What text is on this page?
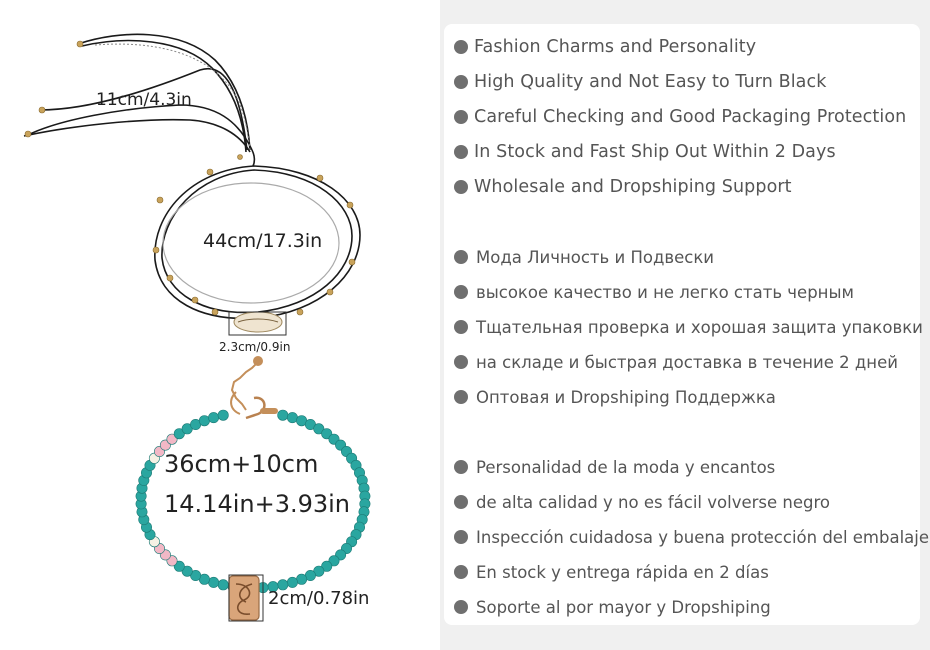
11cm/4.3in
44cm/17.3in
2.3cm/0.9in
36cm+10cm
14.14in+3.93in
2cm/0.78in
Fashion Charms and Personality
High Quality and Not Easy to Turn Black
Careful Checking and Good Packaging Protection
In Stock and Fast Ship Out Within 2 Days
Wholesale and Dropshiping Support
Мода Личность и Подвески
высокое качество и не легко стать черным
Тщательная проверка и хорошая защита упаковки
на складе и быстрая доставка в течение 2 дней
Оптовая и Dropshiping Поддержка
Personalidad de la moda y encantos
de alta calidad y no es fácil volverse negro
Inspección cuidadosa y buena protección del embalaje
En stock y entrega rápida en 2 días
Soporte al por mayor y Dropshiping
